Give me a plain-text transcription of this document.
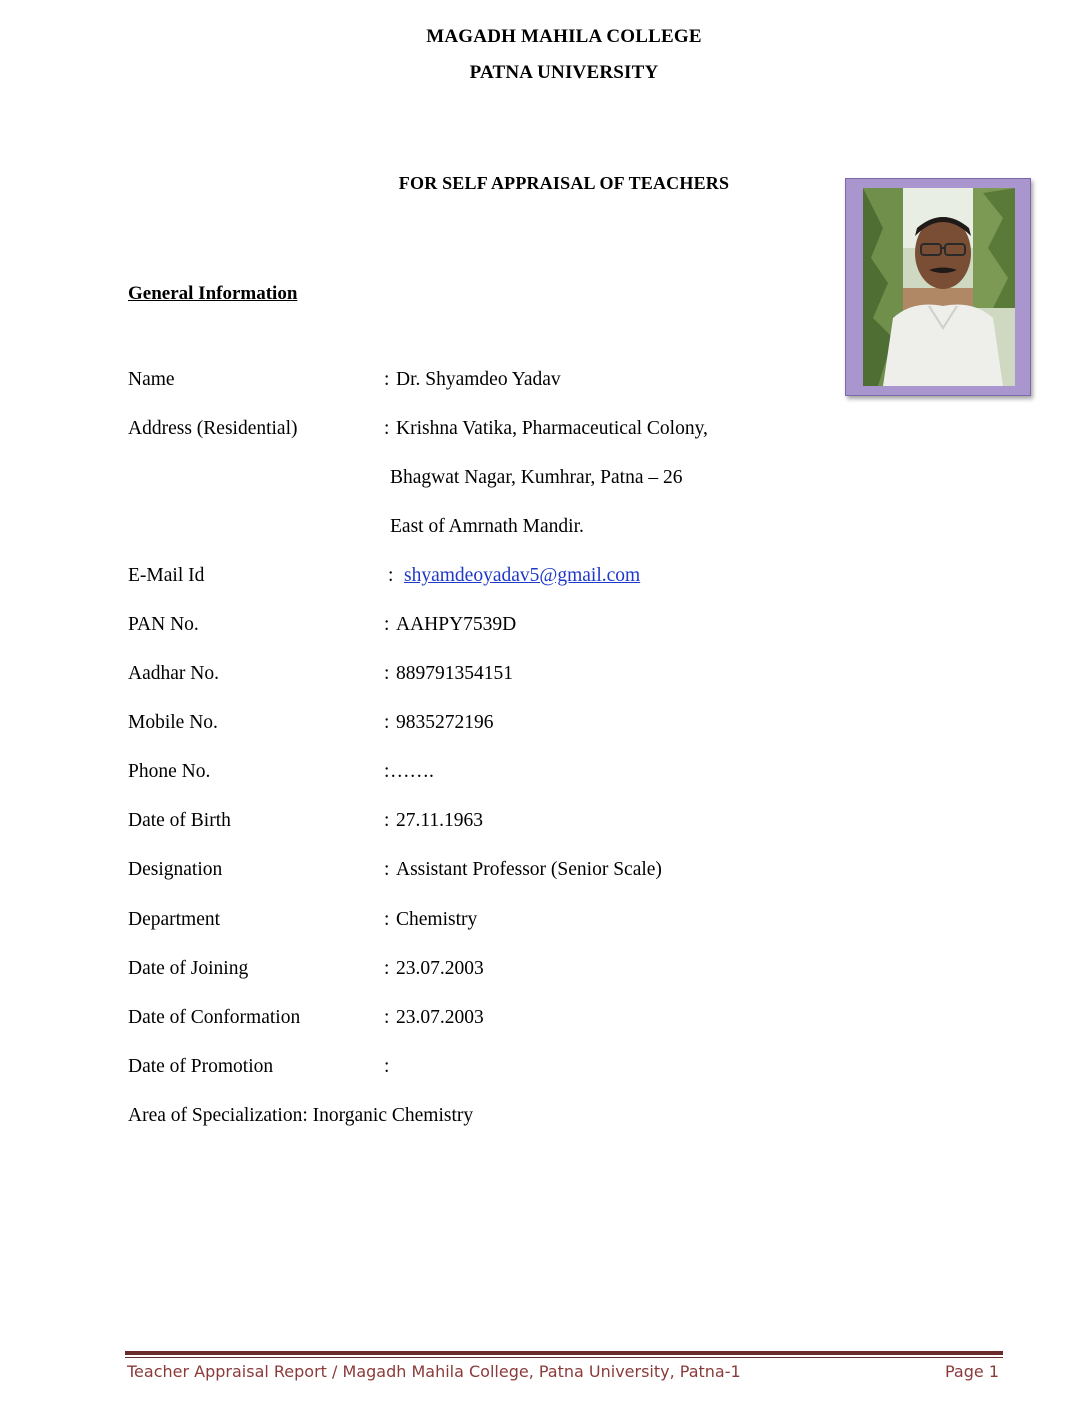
MAGADH MAHILA COLLEGE
PATNA UNIVERSITY
FOR SELF APPRAISAL OF TEACHERS
General Information
Name	: Dr. Shyamdeo Yadav
Address (Residential)	: Krishna Vatika, Pharmaceutical Colony,
Bhagwat Nagar, Kumhrar, Patna – 26
East of Amrnath Mandir.
E-Mail Id	: shyamdeoyadav5@gmail.com
PAN No.	: AAHPY7539D
Aadhar No.	: 889791354151
Mobile No.	: 9835272196
Phone No.	: …….
Date of Birth	: 27.11.1963
Designation	: Assistant Professor (Senior Scale)
Department	: Chemistry
Date of Joining	: 23.07.2003
Date of Conformation	: 23.07.2003
Date of Promotion	:
Area of Specialization: Inorganic Chemistry
Teacher Appraisal Report / Magadh Mahila College, Patna University, Patna-1	Page 1
